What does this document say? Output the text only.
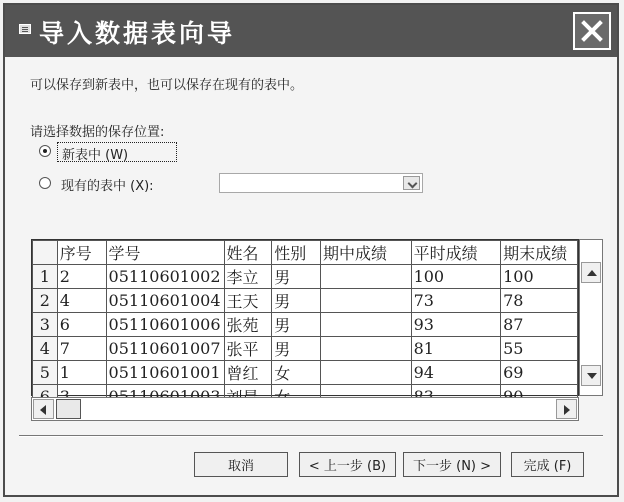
导入数据表向导
可以保存到新表中，也可以保存在现有的表中。
请选择数据的保存位置:
新表中 (W)
现有的表中 (X):
	序号	学号	姓名	性别	期中成绩	平时成绩	期末成绩
1	2	05110601002	李立	男		100	100
2	4	05110601004	王天	男		73	78
3	6	05110601006	张苑	男		93	87
4	7	05110601007	张平	男		81	55
5	1	05110601001	曾红	女		94	69

取消	< 上一步 (B)	下一步 (N) >	完成 (F)
